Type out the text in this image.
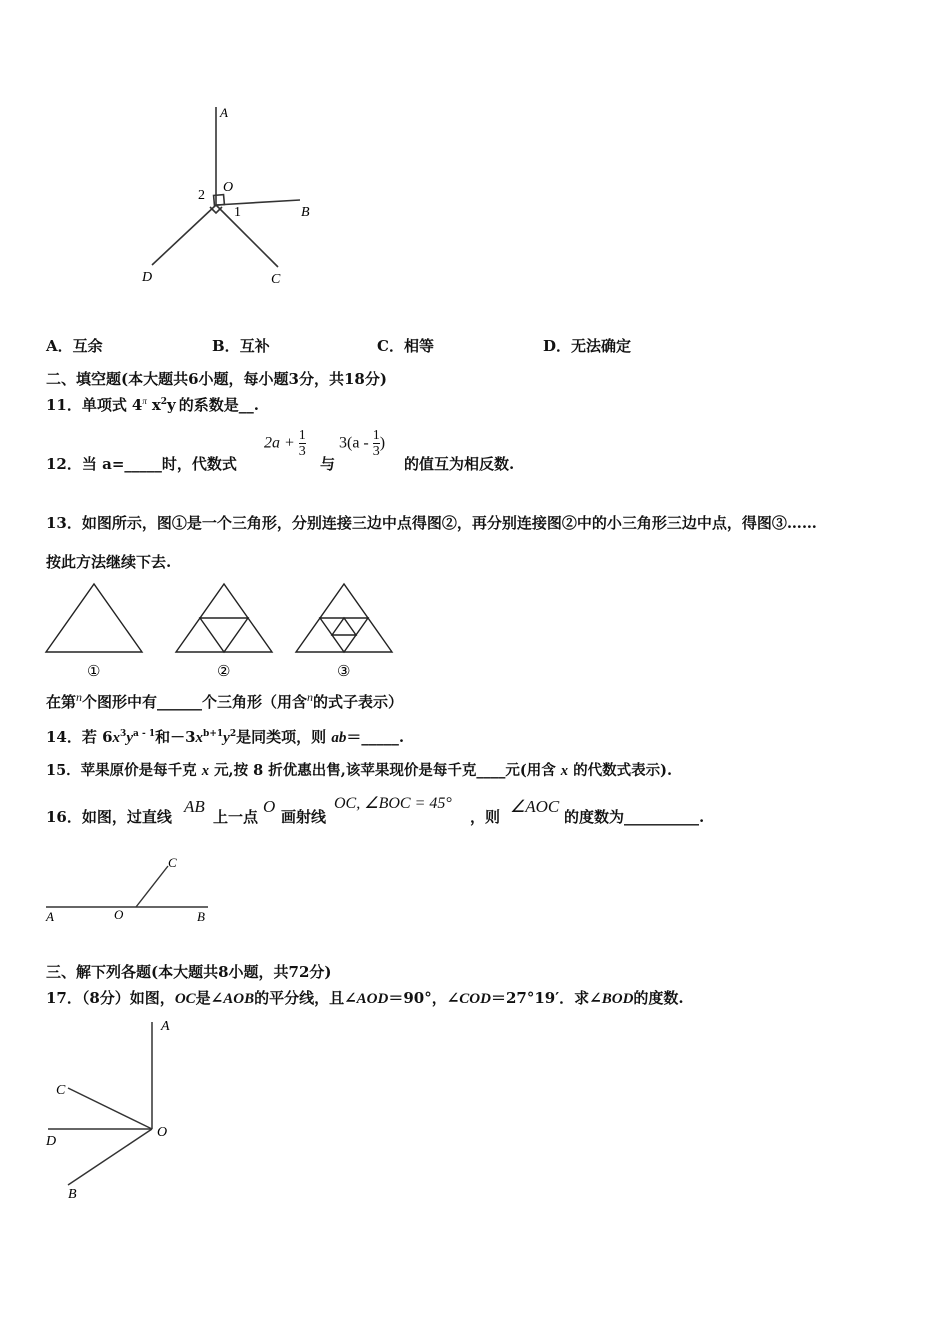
A
O
2
1	B
D	C
A．互余	B．互补	C．相等	D．无法确定
二、填空题(本大题共6小题，每小题3分，共18分)
11．单项式 $4^\pi$ $x^2y$ 的系数是__.
12．当 a=_____时，代数式
$2a + \frac{1}{3}$
与
$3(a - \frac{1}{3}$ )
的值互为相反数.
13．如图所示，图①是一个三角形，分别连接三边中点得图②，再分别连接图②中的小三角形三边中点，得图③……
按此方法继续下去.
①	②	③
在第$^n$个图形中有______个三角形（用含$^n$的式子表示）
14．若 $6x^3y^{a - 1}$和$-3x^{b+1}y^2$是同类项，则 ab＝_____.
15．苹果原价是每千克 x 元,按 8 折优惠出售,该苹果现价是每千克____元(用含 x 的代数式表示).
16．如图，过直线
AB
上一点
O
画射线
OC, ∠BOC = 45°
，则
∠AOC
的度数为__________.
A	O	B
C
三、解下列各题(本大题共8小题，共72分)
17．（8分）如图，OC是∠AOB的平分线，且∠AOD＝90°，∠COD＝27°19′．求∠BOD的度数.
A
C
D
O
B
